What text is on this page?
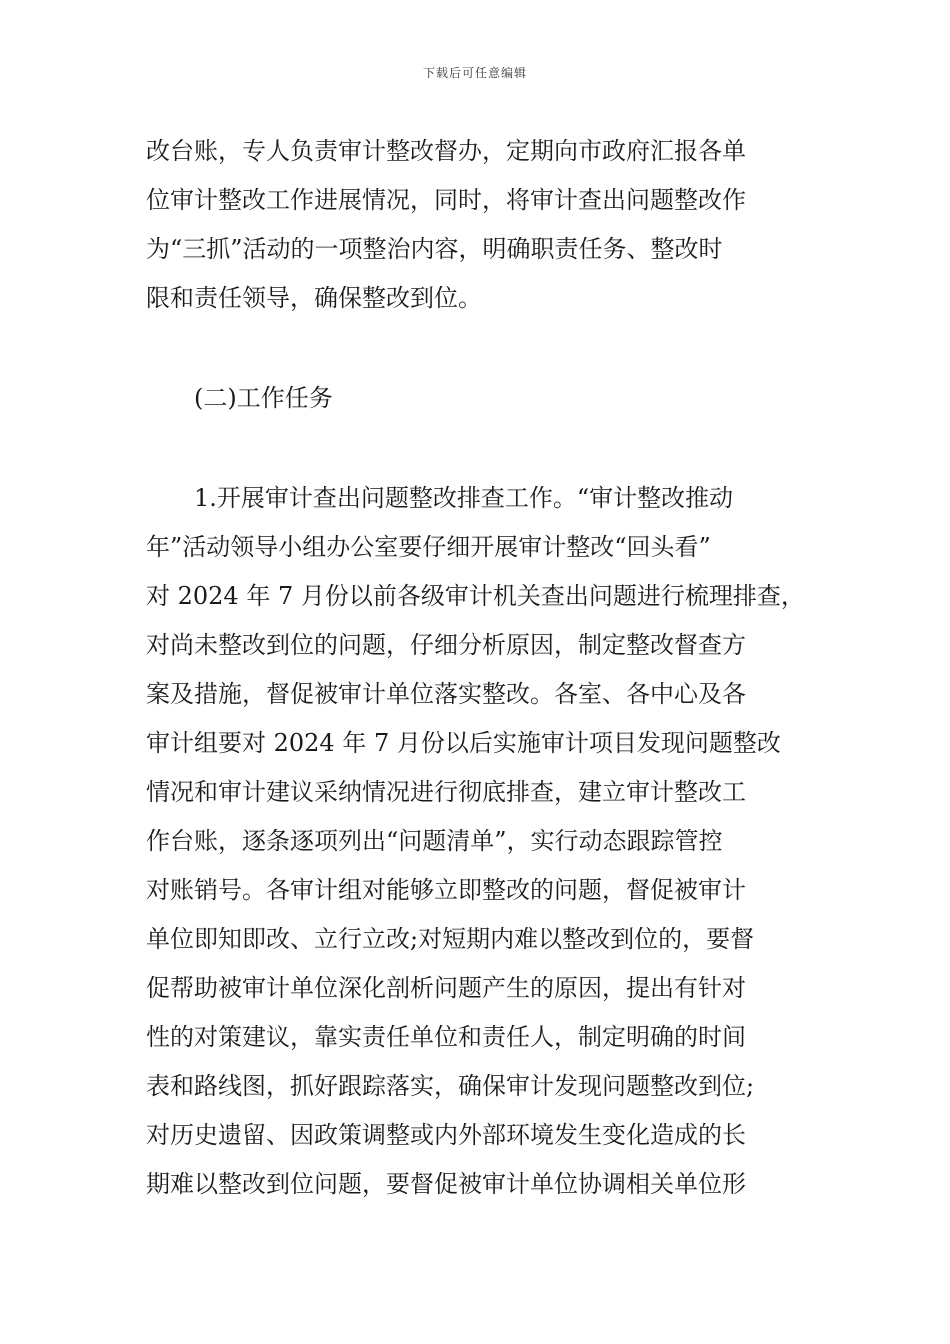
下载后可任意编辑
改台账，专人负责审计整改督办，定期向市政府汇报各单
位审计整改工作进展情况，同时，将审计查出问题整改作
为“三抓”活动的一项整治内容，明确职责任务、整改时
限和责任领导，确保整改到位。
(二)工作任务
1.开展审计查出问题整改排查工作。“审计整改推动
年”活动领导小组办公室要仔细开展审计整改“回头看”
对 2024 年 7 月份以前各级审计机关查出问题进行梳理排查，
对尚未整改到位的问题，仔细分析原因，制定整改督查方
案及措施，督促被审计单位落实整改。各室、各中心及各
审计组要对 2024 年 7 月份以后实施审计项目发现问题整改
情况和审计建议采纳情况进行彻底排查，建立审计整改工
作台账，逐条逐项列出“问题清单”，实行动态跟踪管控
对账销号。各审计组对能够立即整改的问题，督促被审计
单位即知即改、立行立改;对短期内难以整改到位的，要督
促帮助被审计单位深化剖析问题产生的原因，提出有针对
性的对策建议，靠实责任单位和责任人，制定明确的时间
表和路线图，抓好跟踪落实，确保审计发现问题整改到位;
对历史遗留、因政策调整或内外部环境发生变化造成的长
期难以整改到位问题，要督促被审计单位协调相关单位形
